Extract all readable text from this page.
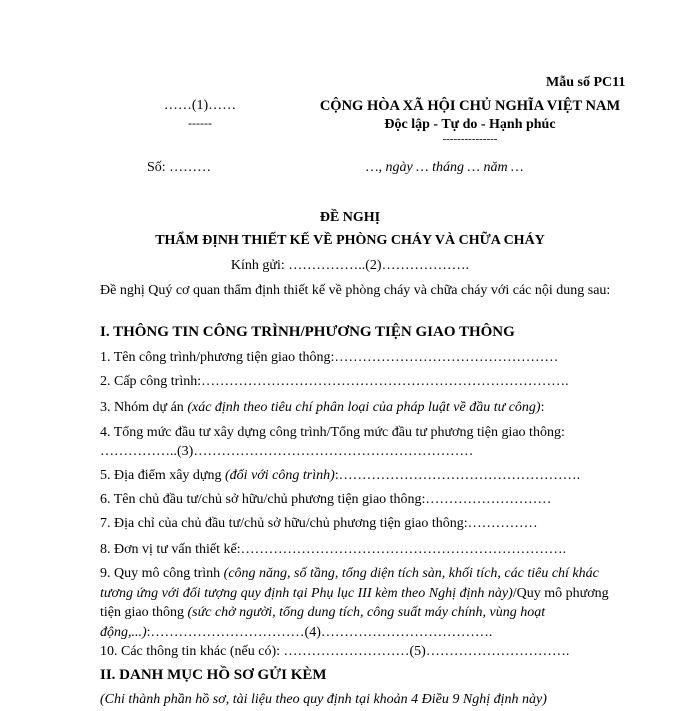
Mẫu số PC11
……(1)……
------
CỘNG HÒA XÃ HỘI CHỦ NGHĨA VIỆT NAM
Độc lập - Tự do - Hạnh phúc
---------------
Số: ………	…, ngày … tháng … năm …
ĐỀ NGHỊ
THẨM ĐỊNH THIẾT KẾ VỀ PHÒNG CHÁY VÀ CHỮA CHÁY
Kính gửi: ……………..(2)……………….
Đề nghị Quý cơ quan thẩm định thiết kế về phòng cháy và chữa cháy với các nội dung sau:
I. THÔNG TIN CÔNG TRÌNH/PHƯƠNG TIỆN GIAO THÔNG
1. Tên công trình/phương tiện giao thông:…………………………………………
2. Cấp công trình:…………………………………………………………………….
3. Nhóm dự án (xác định theo tiêu chí phân loại của pháp luật về đầu tư công):
4. Tổng mức đầu tư xây dựng công trình/Tổng mức đầu tư phương tiện giao thông:
……………..(3)……………………………………………………
5. Địa điểm xây dựng (đối với công trình):…………………………………………….
6. Tên chủ đầu tư/chủ sở hữu/chủ phương tiện giao thông:………………………
7. Địa chỉ của chủ đầu tư/chủ sở hữu/chủ phương tiện giao thông:……………
8. Đơn vị tư vấn thiết kế:…………………………………………………………….
9. Quy mô công trình (công năng, số tầng, tổng diện tích sàn, khối tích, các tiêu chí khác tương ứng với đối tượng quy định tại Phụ lục III kèm theo Nghị định này)/Quy mô phương tiện giao thông (sức chở người, tổng dung tích, công suất máy chính, vùng hoạt động,...):……………………………(4)……………………………….
10. Các thông tin khác (nếu có): ………………………(5)………………………….
II. DANH MỤC HỒ SƠ GỬI KÈM
(Chi thành phần hồ sơ, tài liệu theo quy định tại khoản 4 Điều 9 Nghị định này)
